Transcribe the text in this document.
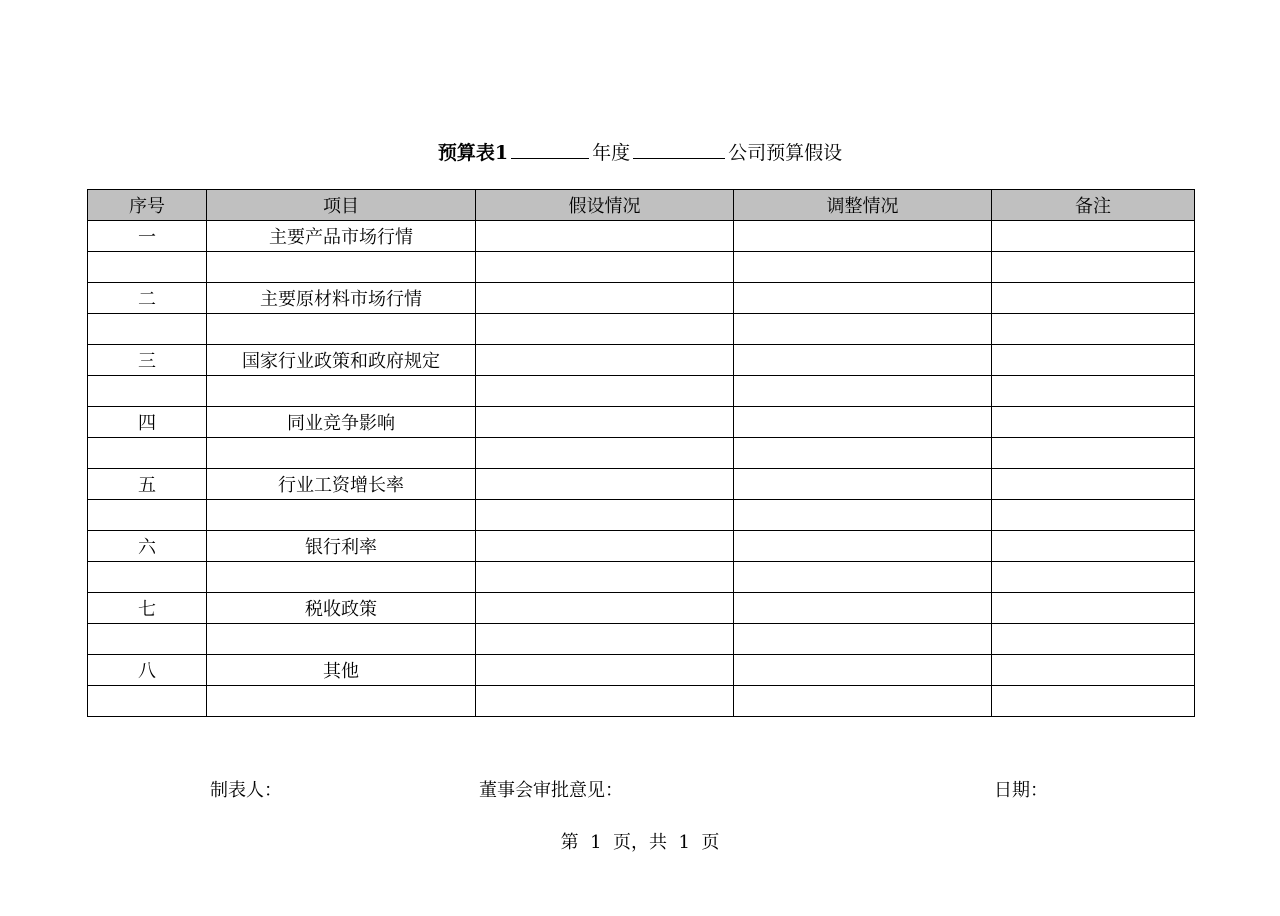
预算表1	年度	公司预算假设
序号	项目	假设情况	调整情况	备注
一	主要产品市场行情			

二	主要原材料市场行情			

三	国家行业政策和政府规定			

四	同业竞争影响			

五	行业工资增长率			

六	银行利率			

七	税收政策			

八	其他			

制表人：	董事会审批意见：	日期：
第  1  页，共  1  页
